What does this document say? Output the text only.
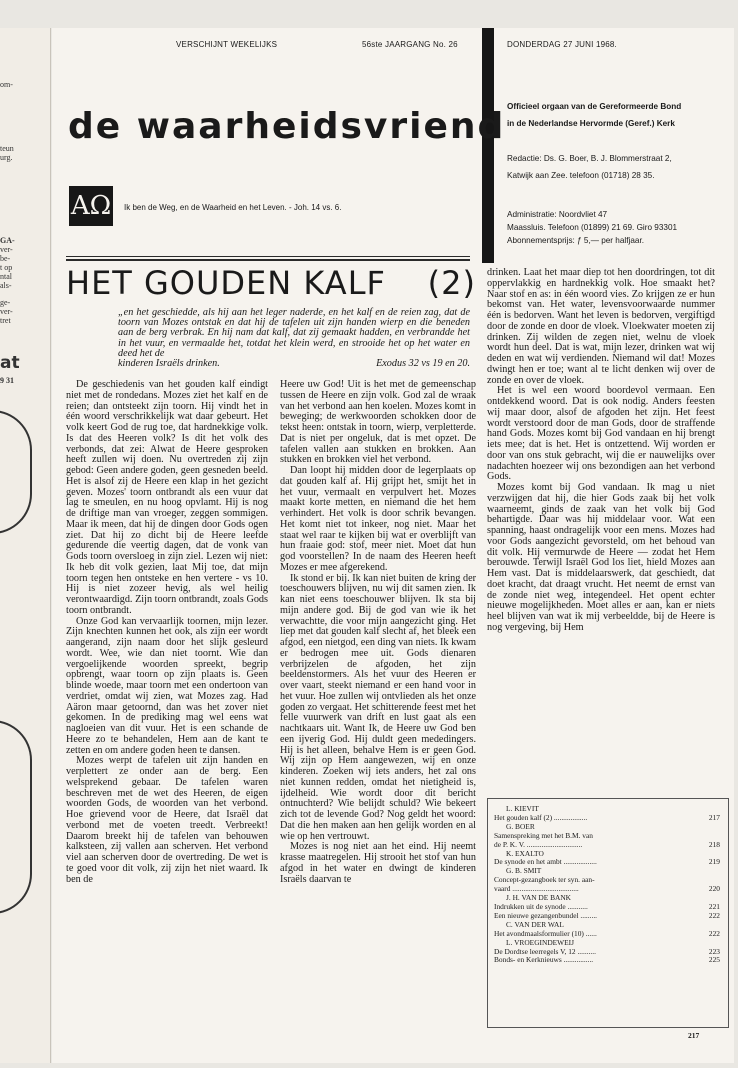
om-
teun
urg.
GA-
ver-
be-
t op
ntal
als-
ge-
ver-
tret
at
9 31
VERSCHIJNT WEKELIJKS	56ste JAARGANG No. 26	DONDERDAG 27 JUNI 1968.
de waarheidsvriend
ΑΩ Ik ben de Weg, en de Waarheid en het Leven. - Joh. 14 vs. 6.
Officieel orgaan van de Gereformeerde Bond
in de Nederlandse Hervormde (Geref.) Kerk
Redactie: Ds. G. Boer, B. J. Blommerstraat 2,
Katwijk aan Zee. telefoon (01718) 28 35.
Administratie: Noordvliet 47
Maassluis. Telefoon (01899) 21 69. Giro 93301
Abonnementsprijs: ƒ 5,— per halfjaar.
HET GOUDEN KALF (2)
„en het geschiedde, als hij aan het leger naderde, en het kalf en de reien zag, dat de toorn van Mozes ontstak en dat hij de tafelen uit zijn handen wierp en die beneden aan de berg verbrak. En hij nam dat kalf, dat zij gemaakt hadden, en verbrandde het in het vuur, en vermaalde het, totdat het klein werd, en strooide het op het water en deed het de
kinderen Israëls drinken.	Exodus 32 vs 19 en 20.

De geschiedenis van het gouden kalf eindigt niet met de rondedans. Mozes ziet het kalf en de reien; dan ontsteekt zijn toorn. Hij vindt het in één woord verschrikkelijk wat daar gebeurt. Het volk keert God de rug toe, dat hardnekkige volk. Is dat des Heeren volk? Is dit het volk des verbonds, dat zei: Alwat de Heere gesproken heeft zullen wij doen. Nu overtreden zij zijn gebod: Geen andere goden, geen gesneden beeld. Het is alsof zij de Heere een klap in het gezicht geven. Mozes' toorn ontbrandt als een vuur dat lag te smeulen, en nu hoog opvlamt. Hij is nog de driftige man van vroeger, zeggen sommigen. Maar ik meen, dat hij de dingen door Gods ogen ziet. Dat hij zo dicht bij de Heere leefde gedurende die veertig dagen, dat de vonk van Gods toorn oversloeg in zijn ziel. Lezen wij niet: Ik heb dit volk gezien, laat Mij toe, dat mijn toorn tegen hen ontsteke en hen vertere - vs 10. Hij is niet zozeer hevig, als wel heilig verontwaardigd. Zijn toorn ontbrandt, zoals Gods toorn ontbrandt.

Onze God kan vervaarlijk toornen, mijn lezer. Zijn knechten kunnen het ook, als zijn eer wordt aangerand, zijn naam door het slijk gesleurd wordt. Wee, wie dan niet toornt. Wie dan vergoelijkende woorden spreekt, begrip opbrengt, waar toorn op zijn plaats is. Geen blinde woede, maar toorn met een ondertoon van verdriet, omdat wij zien, wat Mozes zag. Had Aäron maar getoornd, dan was het zover niet gekomen. In de prediking mag wel eens wat nagloeien van dit vuur. Het is een schande de Heere zo te behandelen, Hem aan de kant te zetten en om andere goden heen te dansen.

Mozes werpt de tafelen uit zijn handen en verplettert ze onder aan de berg. Een welsprekend gebaar. De tafelen waren beschreven met de wet des Heeren, de eigen woorden Gods, de woorden van het verbond. Hoe grievend voor de Heere, dat Israël dat verbond met de voeten treedt. Verbreekt! Daarom breekt hij de tafelen van behouwen kalksteen, zij vallen aan scherven. Het verbond viel aan scherven door de overtreding. De wet is te goed voor dit volk, zij zijn het niet waard. Ik ben de

Heere uw God! Uit is het met de gemeenschap tussen de Heere en zijn volk. God zal de wraak van het verbond aan hen koelen. Mozes komt in beweging; de werkwoorden schokken door de tekst heen: ontstak in toorn, wierp, verpletterde. Dat is niet per ongeluk, dat is met opzet. De tafelen vallen aan stukken en brokken. Aan stukken en brokken viel het verbond.

Dan loopt hij midden door de legerplaats op dat gouden kalf af. Hij grijpt het, smijt het in het vuur, vermaalt en verpulvert het. Mozes maakt korte metten, en niemand die het hem verhindert. Het volk is door schrik bevangen. Het komt niet tot inkeer, nog niet. Maar het staat wel raar te kijken bij wat er overblijft van hun fraaie god: stof, meer niet. Moet dat hun god voorstellen? In de naam des Heeren heeft Mozes er mee afgerekend.

Ik stond er bij. Ik kan niet buiten de kring der toeschouwers blijven, nu wij dit samen zien. Ik kan niet eens toeschouwer blijven. Ik sta bij mijn andere god. Bij de god van wie ik het verwachtte, die voor mijn aangezicht ging. Het liep met dat gouden kalf slecht af, het bleek een afgod, een nietgod, een ding van niets. Ik kwam er bedrogen mee uit. Gods dienaren verbrijzelen de afgoden, het zijn beeldenstormers. Als het vuur des Heeren er over vaart, steekt niemand er een hand voor in het vuur. Hoe zullen wij ontvlieden als het onze goden zo vergaat. Het schitterende feest met het felle vuurwerk van drift en lust gaat als een nachtkaars uit. Want Ik, de Heere uw God ben een ijverig God. Hij duldt geen mededingers. Hij is het alleen, behalve Hem is er geen God. Wij zijn op Hem aangewezen, wij en onze kinderen. Zoeken wij iets anders, het zal ons niet kunnen redden, omdat het nietigheid is, ijdelheid. Wie wordt door dit bericht ontnuchterd? Wie belijdt schuld? Wie bekeert zich tot de levende God? Nog geldt het woord: Dat die hen maken aan hen gelijk worden en al wie op hen vertrouwt.

Mozes is nog niet aan het eind. Hij neemt krasse maatregelen. Hij strooit het stof van hun afgod in het water en dwingt de kinderen Israëls daarvan te

drinken. Laat het maar diep tot hen doordringen, tot dit oppervlakkig en hardnekkig volk. Hoe smaakt het? Naar stof en as: in één woord vies. Zo krijgen ze er hun bekomst van. Het water, levensvoorwaarde nummer één is bedorven. Want het leven is bedorven, vergiftigd door de zonde en door de vloek. Vloekwater moeten zij drinken. Zij wilden de zegen niet, welnu de vloek wordt hun deel. Dat is wat, mijn lezer, drinken wat wij deden en wat wij verdienden. Niemand wil dat! Mozes dwingt hen er toe; want al te licht denken wij over de zonde en over de vloek.

Het is wel een woord boordevol vermaan. Een ontdekkend woord. Dat is ook nodig. Anders feesten wij maar door, alsof de afgoden het zijn. Het feest wordt verstoord door de man Gods, door de straffende hand Gods. Mozes komt bij God vandaan en hij brengt iets mee; dat is het. Het is ontzettend. Wij worden er door van ons stuk gebracht, wij die er nauwelijks over nadachten hoezeer wij ons bezondigen aan het verbond Gods.

Mozes komt bij God vandaan. Ik mag u niet verzwijgen dat hij, die hier Gods zaak bij het volk waarneemt, ginds de zaak van het volk bij God behartigde. Daar was hij middelaar voor. Wat een spanning, haast ondragelijk voor een mens. Mozes had voor Gods aangezicht gevorsteld, om het behoud van dit volk. Hij vermurwde de Heere — zodat het Hem berouwde. Terwijl Israël God los liet, hield Mozes aan Hem vast. Dat is middelaarswerk, dat geschiedt, dat doet kracht, dat draagt vrucht. Het neemt de ernst van de zonde niet weg, integendeel. Het opent echter nieuwe mogelijkheden. Moet alles er aan, kan er niets heel blijven van wat ik mij verbeeldde, bij de Heere is nog vergeving, bij Hem

L. KIEVIT
Het gouden kalf (2) ..................	217
G. BOER
Samenspreking met het B.M. van
de P. K. V. ..............................	218
K. EXALTO
De synode en het ambt ..................	219
G. B. SMIT
Concept-gezangboek ter syn. aan-
vaard ....................................	220
J. H. VAN DE BANK
Indrukken uit de synode ...........	221
Een nieuwe gezangenbundel .........	222
C. VAN DER WAL
Het avondmaalsformulier (10) ......	222
L. VROEGINDEWEIJ
De Dordtse leerregels V, 12 ..........	223
Bonds- en Kerknieuws ................	225
217
